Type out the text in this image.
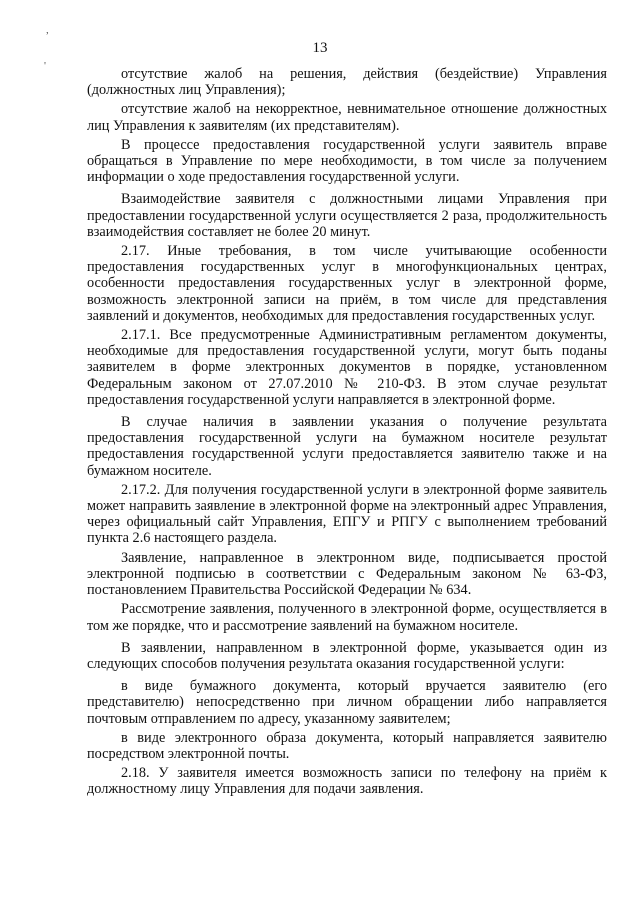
,
'
13

отсутствие жалоб на решения, действия (бездействие) Управления (должностных лиц Управления);

отсутствие жалоб на некорректное, невнимательное отношение должностных лиц Управления к заявителям (их представителям).

В процессе предоставления государственной услуги заявитель вправе обращаться в Управление по мере необходимости, в том числе за получением информации о ходе предоставления государственной услуги.

Взаимодействие заявителя с должностными лицами Управления при предоставлении государственной услуги осуществляется 2 раза, продолжительность взаимодействия составляет не более 20 минут.

2.17. Иные требования, в том числе учитывающие особенности предоставления государственных услуг в многофункциональных центрах, особенности предоставления государственных услуг в электронной форме, возможность электронной записи на приём, в том числе для представления заявлений и документов, необходимых для предоставления государственных услуг.

2.17.1. Все предусмотренные Административным регламентом документы, необходимые для предоставления государственной услуги, могут быть поданы заявителем в форме электронных документов в порядке, установленном Федеральным законом от 27.07.2010 № 210-ФЗ. В этом случае результат предоставления государственной услуги направляется в электронной форме.

В случае наличия в заявлении указания о получение результата предоставления государственной услуги на бумажном носителе результат предоставления государственной услуги предоставляется заявителю также и на бумажном носителе.

2.17.2. Для получения государственной услуги в электронной форме заявитель может направить заявление в электронной форме на электронный адрес Управления, через официальный сайт Управления, ЕПГУ и РПГУ с выполнением требований пункта 2.6 настоящего раздела.

Заявление, направленное в электронном виде, подписывается простой электронной подписью в соответствии с Федеральным законом № 63-ФЗ, постановлением Правительства Российской Федерации № 634.

Рассмотрение заявления, полученного в электронной форме, осуществляется в том же порядке, что и рассмотрение заявлений на бумажном носителе.

В заявлении, направленном в электронной форме, указывается один из следующих способов получения результата оказания государственной услуги:

в виде бумажного документа, который вручается заявителю (его представителю) непосредственно при личном обращении либо направляется почтовым отправлением по адресу, указанному заявителем;

в виде электронного образа документа, который направляется заявителю посредством электронной почты.

2.18. У заявителя имеется возможность записи по телефону на приём к должностному лицу Управления для подачи заявления.
